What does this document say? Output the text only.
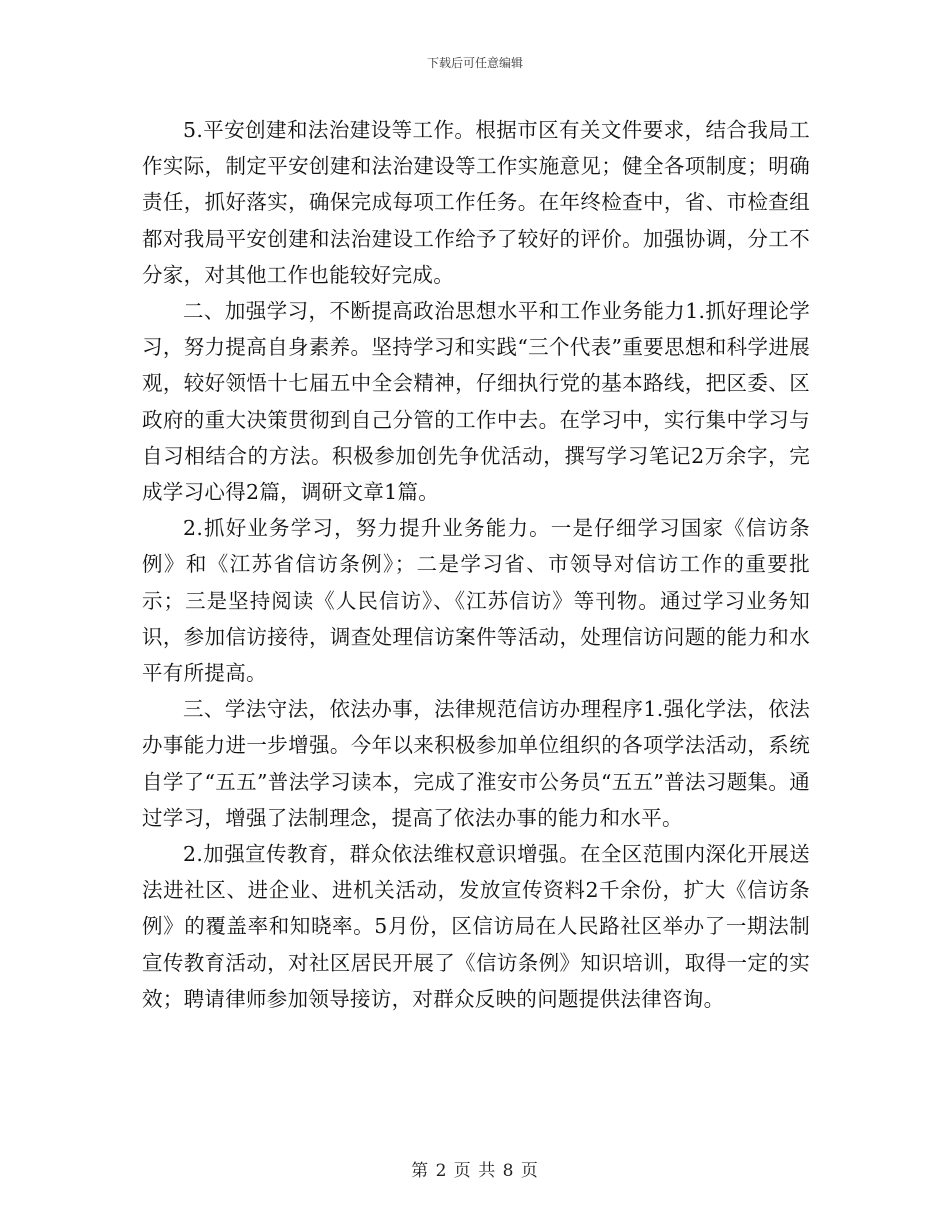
下载后可任意编辑

5.平安创建和法治建设等工作。根据市区有关文件要求，结合我局工作实际，制定平安创建和法治建设等工作实施意见；健全各项制度；明确责任，抓好落实，确保完成每项工作任务。在年终检查中，省、市检查组都对我局平安创建和法治建设工作给予了较好的评价。加强协调，分工不分家，对其他工作也能较好完成。

二、加强学习，不断提高政治思想水平和工作业务能力1.抓好理论学习，努力提高自身素养。坚持学习和实践“三个代表”重要思想和科学进展观，较好领悟十七届五中全会精神，仔细执行党的基本路线，把区委、区政府的重大决策贯彻到自己分管的工作中去。在学习中，实行集中学习与自习相结合的方法。积极参加创先争优活动，撰写学习笔记2万余字，完成学习心得2篇，调研文章1篇。

2.抓好业务学习，努力提升业务能力。一是仔细学习国家《信访条例》和《江苏省信访条例》；二是学习省、市领导对信访工作的重要批示；三是坚持阅读《人民信访》、《江苏信访》等刊物。通过学习业务知识，参加信访接待，调查处理信访案件等活动，处理信访问题的能力和水平有所提高。

三、学法守法，依法办事，法律规范信访办理程序1.强化学法，依法办事能力进一步增强。今年以来积极参加单位组织的各项学法活动，系统自学了“五五”普法学习读本，完成了淮安市公务员“五五”普法习题集。通过学习，增强了法制理念，提高了依法办事的能力和水平。

2.加强宣传教育，群众依法维权意识增强。在全区范围内深化开展送法进社区、进企业、进机关活动，发放宣传资料2千余份，扩大《信访条例》的覆盖率和知晓率。5月份，区信访局在人民路社区举办了一期法制宣传教育活动，对社区居民开展了《信访条例》知识培训，取得一定的实效；聘请律师参加领导接访，对群众反映的问题提供法律咨询。

第 2 页 共 8 页
